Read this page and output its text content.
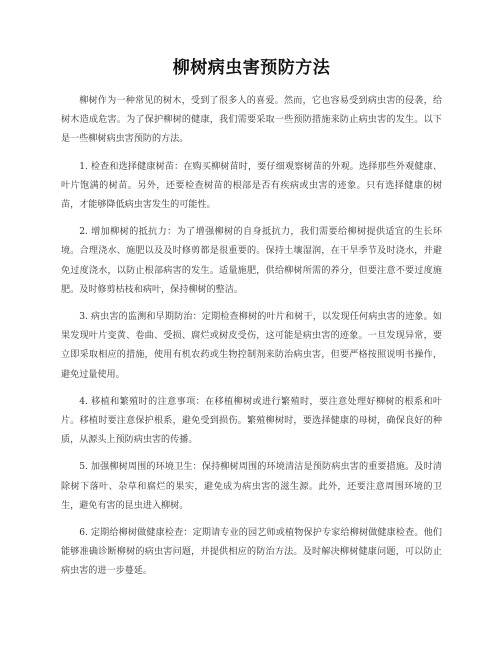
柳树病虫害预防方法

柳树作为一种常见的树木，受到了很多人的喜爱。然而，它也容易受到病虫害的侵袭，给树木造成危害。为了保护柳树的健康，我们需要采取一些预防措施来防止病虫害的发生。以下是一些柳树病虫害预防的方法。

1. 检查和选择健康树苗：在购买柳树苗时，要仔细观察树苗的外观。选择那些外观健康、叶片饱满的树苗。另外，还要检查树苗的根部是否有疾病或虫害的迹象。只有选择健康的树苗，才能够降低病虫害发生的可能性。

2. 增加柳树的抵抗力：为了增强柳树的自身抵抗力，我们需要给柳树提供适宜的生长环境。合理浇水、施肥以及及时修剪都是很重要的。保持土壤湿润，在干旱季节及时浇水，并避免过度浇水，以防止根部病害的发生。适量施肥，供给柳树所需的养分，但要注意不要过度施肥。及时修剪枯枝和病叶，保持柳树的整洁。

3. 病虫害的监测和早期防治：定期检查柳树的叶片和树干，以发现任何病虫害的迹象。如果发现叶片变黄、卷曲、受损、腐烂或树皮受伤，这可能是病虫害的迹象。一旦发现异常，要立即采取相应的措施，使用有机农药或生物控制剂来防治病虫害，但要严格按照说明书操作，避免过量使用。

4. 移植和繁殖时的注意事项：在移植柳树或进行繁殖时，要注意处理好柳树的根系和叶片。移植时要注意保护根系，避免受到损伤。繁殖柳树时，要选择健康的母树，确保良好的种质，从源头上预防病虫害的传播。

5. 加强柳树周围的环境卫生：保持柳树周围的环境清洁是预防病虫害的重要措施。及时清除树下落叶、杂草和腐烂的果实，避免成为病虫害的滋生源。此外，还要注意周围环境的卫生，避免有害的昆虫进入柳树。

6. 定期给柳树做健康检查：定期请专业的园艺师或植物保护专家给柳树做健康检查。他们能够准确诊断柳树的病虫害问题，并提供相应的防治方法。及时解决柳树健康问题，可以防止病虫害的进一步蔓延。
